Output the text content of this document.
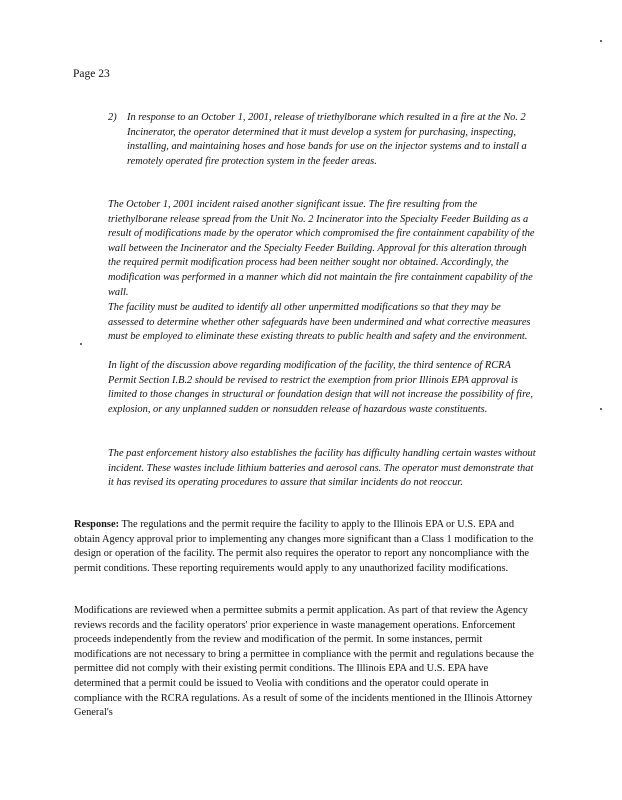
Page 23
2) In response to an October 1, 2001, release of triethylborane which resulted in a fire at the No. 2 Incinerator, the operator determined that it must develop a system for purchasing, inspecting, installing, and maintaining hoses and hose bands for use on the injector systems and to install a remotely operated fire protection system in the feeder areas.

The October 1, 2001 incident raised another significant issue. The fire resulting from the triethylborane release spread from the Unit No. 2 Incinerator into the Specialty Feeder Building as a result of modifications made by the operator which compromised the fire containment capability of the wall between the Incinerator and the Specialty Feeder Building. Approval for this alteration through the required permit modification process had been neither sought nor obtained. Accordingly, the modification was performed in a manner which did not maintain the fire containment capability of the wall.

The facility must be audited to identify all other unpermitted modifications so that they may be assessed to determine whether other safeguards have been undermined and what corrective measures must be employed to eliminate these existing threats to public health and safety and the environment.

In light of the discussion above regarding modification of the facility, the third sentence of RCRA Permit Section I.B.2 should be revised to restrict the exemption from prior Illinois EPA approval is limited to those changes in structural or foundation design that will not increase the possibility of fire, explosion, or any unplanned sudden or nonsudden release of hazardous waste constituents.

The past enforcement history also establishes the facility has difficulty handling certain wastes without incident. These wastes include lithium batteries and aerosol cans. The operator must demonstrate that it has revised its operating procedures to assure that similar incidents do not reoccur.

Response: The regulations and the permit require the facility to apply to the Illinois EPA or U.S. EPA and obtain Agency approval prior to implementing any changes more significant than a Class 1 modification to the design or operation of the facility. The permit also requires the operator to report any noncompliance with the permit conditions. These reporting requirements would apply to any unauthorized facility modifications.

Modifications are reviewed when a permittee submits a permit application. As part of that review the Agency reviews records and the facility operators' prior experience in waste management operations. Enforcement proceeds independently from the review and modification of the permit. In some instances, permit modifications are not necessary to bring a permittee in compliance with the permit and regulations because the permittee did not comply with their existing permit conditions. The Illinois EPA and U.S. EPA have determined that a permit could be issued to Veolia with conditions and the operator could operate in compliance with the RCRA regulations. As a result of some of the incidents mentioned in the Illinois Attorney General's
